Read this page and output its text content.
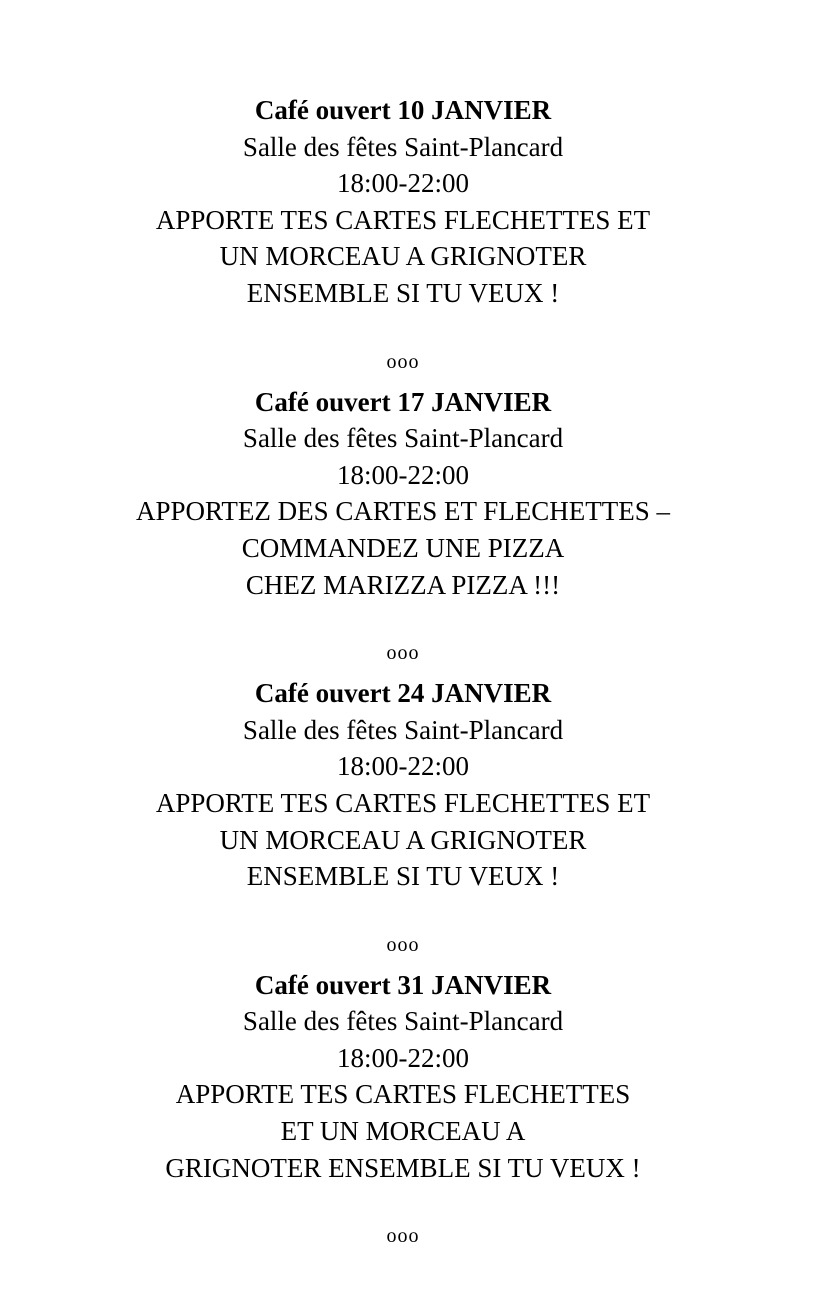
Café ouvert 10 JANVIER
Salle des fêtes Saint-Plancard
18:00-22:00
APPORTE TES CARTES FLECHETTES ET
UN MORCEAU A GRIGNOTER
ENSEMBLE SI TU VEUX !
ooo
Café ouvert 17 JANVIER
Salle des fêtes Saint-Plancard
18:00-22:00
APPORTEZ DES CARTES ET FLECHETTES –
COMMANDEZ UNE PIZZA
CHEZ MARIZZA PIZZA !!!
ooo
Café ouvert 24 JANVIER
Salle des fêtes Saint-Plancard
18:00-22:00
APPORTE TES CARTES FLECHETTES ET
UN MORCEAU A GRIGNOTER
ENSEMBLE SI TU VEUX !
ooo
Café ouvert 31 JANVIER
Salle des fêtes Saint-Plancard
18:00-22:00
APPORTE TES CARTES FLECHETTES
ET UN MORCEAU A
GRIGNOTER ENSEMBLE SI TU VEUX !
ooo
